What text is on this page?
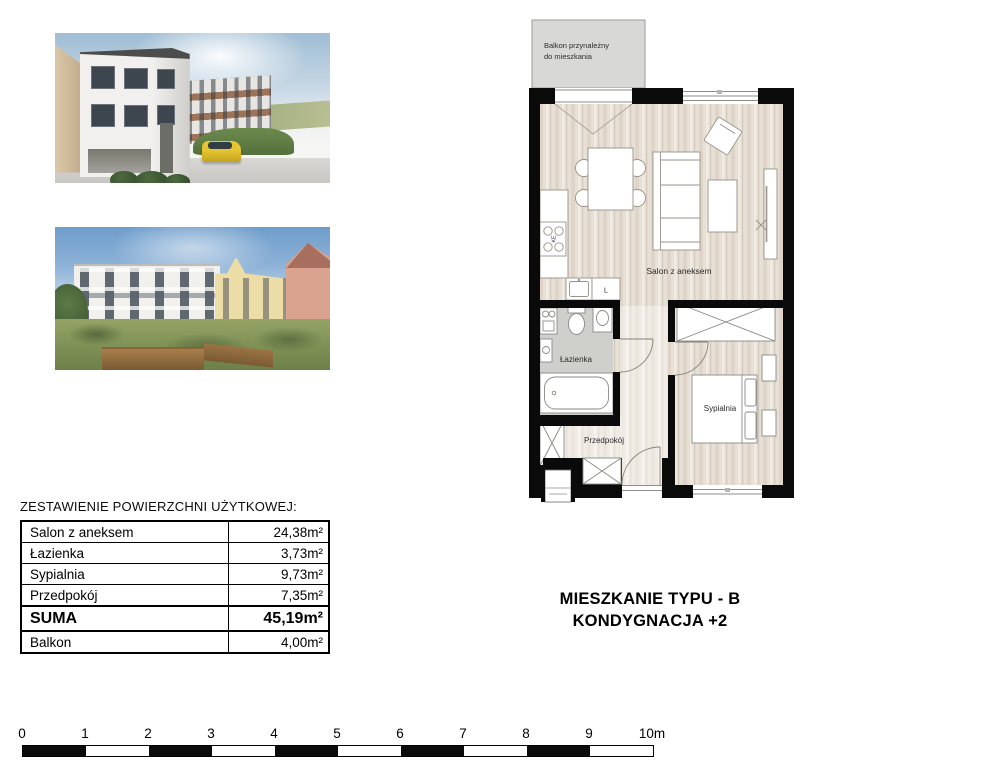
Balkon przynależny
do mieszkania
Salon z aneksem
Łazienka
Przedpokój
Sypialnia
KE
L
ZESTAWIENIE POWIERZCHNI UŻYTKOWEJ:
Salon z aneksem	24,38m²
Łazienka	3,73m²
Sypialnia	9,73m²
Przedpokój	7,35m²
SUMA	45,19m²
Balkon	4,00m²
MIESZKANIE TYPU - B
KONDYGNACJA +2
0	1	2	3	4	5	6	7	8	9	10m
